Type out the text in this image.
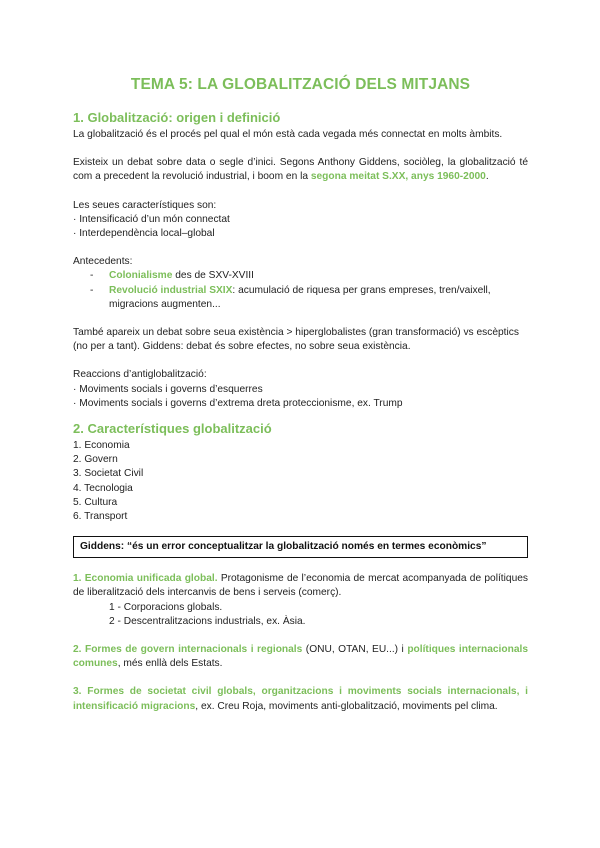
TEMA 5: LA GLOBALITZACIÓ DELS MITJANS
1. Globalització: origen i definició

La globalització és el procés pel qual el món està cada vegada més connectat en molts àmbits.

Existeix un debat sobre data o segle d’inici. Segons Anthony Giddens, sociòleg, la globalització té com a precedent la revolució industrial, i boom en la segona meitat S.XX, anys 1960-2000.

Les seues característiques son:

· Intensificació d’un món connectat

· Interdependència local–global

Antecedents:

- Colonialisme des de SXV-XVIII
- Revolució industrial SXIX: acumulació de riquesa per grans empreses, tren/vaixell, migracions augmenten...

També apareix un debat sobre seua existència > hiperglobalistes (gran transformació) vs escèptics (no per a tant). Giddens: debat és sobre efectes, no sobre seua existència.

Reaccions d’antiglobalització:

· Moviments socials i governs d’esquerres

· Moviments socials i governs d’extrema dreta proteccionisme, ex. Trump

2. Característiques globalització

1. Economia

2. Govern

3. Societat Civil

4. Tecnologia

5. Cultura

6. Transport

Giddens: “és un error conceptualitzar la globalització només en termes econòmics”

1. Economia unificada global. Protagonisme de l’economia de mercat acompanyada de polítiques de liberalització dels intercanvis de bens i serveis (comerç).

1 - Corporacions globals.

2 - Descentralitzacions industrials, ex. Àsia.

2. Formes de govern internacionals i regionals (ONU, OTAN, EU...) i polítiques internacionals comunes, més enllà dels Estats.

3. Formes de societat civil globals, organitzacions i moviments socials internacionals, i intensificació migracions, ex. Creu Roja, moviments anti-globalització, moviments pel clima.
